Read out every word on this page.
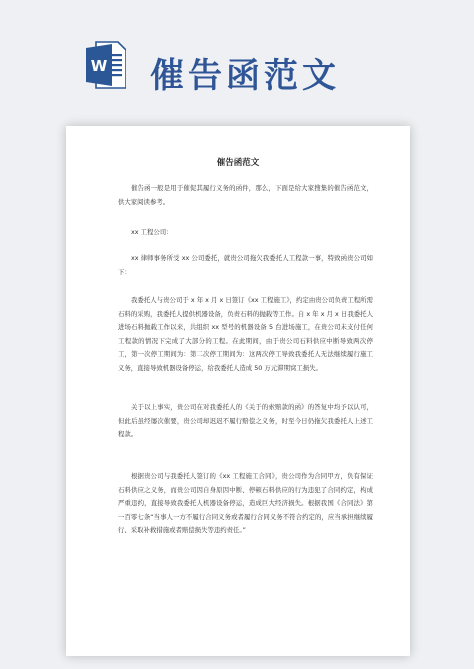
W 催告函范文
催告函范文
催告函一般是用于催促其履行义务的函件，那么，下面是给大家搜集的催告函范文，供大家阅读参考。
xx 工程公司：
xx 律师事务所受 xx 公司委托，就贵公司拖欠我委托人工程款一事，特致函贵公司如下：
我委托人与贵公司于 x 年 x 月 x 日签订《xx 工程施工》，约定由贵公司负责工程所需石料的采购，我委托人提供机器设备，负责石料的抛载等工作。自 x 年 x 月 x 日我委托人进场石料抛载工作以来，共组织 xx 型号的机器设备 5 台进场施工，在贵公司未支付任何工程款的情况下完成了大部分的工程。在此期间，由于贵公司石料供应中断导致两次停工，第一次停工期间为：第二次停工期间为：这两次停工导致我委托人无法继续履行施工义务，直接导致机器设备停运，给我委托人造成 50 万元滞期窝工损失。
关于以上事实，贵公司在对我委托人的《关于的索赔款的函》的答复中均予以认可，但此后虽经屡次催要，贵公司却迟迟不履行赔偿之义务，时至今日仍拖欠我委托人上述工程款。
根据贵公司与我委托人签订的《xx 工程施工合同》，贵公司作为合同甲方，负有保证石料供应之义务，而贵公司因自身原因中断、停顿石料供应的行为违犯了合同约定，构成严重违约，直接导致我委托人机器设备停运，造成巨大经济损失。根据我国《合同法》第一百零七条“当事人一方不履行合同义务或者履行合同义务不符合约定的，应当承担继续履行、采取补救措施或者赔偿损失等违约责任。”
